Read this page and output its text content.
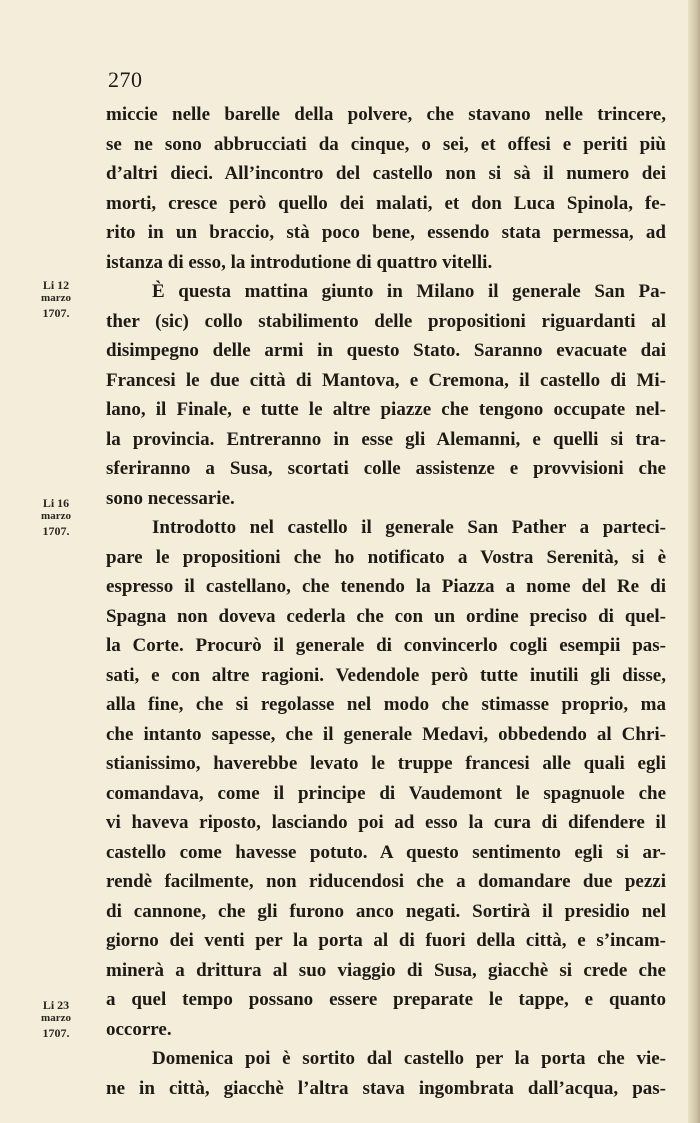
270
Li 12
marzo
1707.
Li 16
marzo
1707.
Li 23
marzo
1707.
miccie nelle barelle della polvere, che stavano nelle trincere,
se ne sono abbrucciati da cinque, o sei, et offesi e periti più
d’altri dieci. All’incontro del castello non si sà il numero dei
morti, cresce però quello dei malati, et don Luca Spinola, fe-
rito in un braccio, stà poco bene, essendo stata permessa, ad
istanza di esso, la introdutione di quattro vitelli.
È questa mattina giunto in Milano il generale San Pa-
ther (sic) collo stabilimento delle propositioni riguardanti al
disimpegno delle armi in questo Stato. Saranno evacuate dai
Francesi le due città di Mantova, e Cremona, il castello di Mi-
lano, il Finale, e tutte le altre piazze che tengono occupate nel-
la provincia. Entreranno in esse gli Alemanni, e quelli si tra-
sferiranno a Susa, scortati colle assistenze e provvisioni che
sono necessarie.
Introdotto nel castello il generale San Pather a parteci-
pare le propositioni che ho notificato a Vostra Serenità, si è
espresso il castellano, che tenendo la Piazza a nome del Re di
Spagna non doveva cederla che con un ordine preciso di quel-
la Corte. Procurò il generale di convincerlo cogli esempii pas-
sati, e con altre ragioni. Vedendole però tutte inutili gli disse,
alla fine, che si regolasse nel modo che stimasse proprio, ma
che intanto sapesse, che il generale Medavi, obbedendo al Chri-
stianissimo, haverebbe levato le truppe francesi alle quali egli
comandava, come il principe di Vaudemont le spagnuole che
vi haveva riposto, lasciando poi ad esso la cura di difendere il
castello come havesse potuto. A questo sentimento egli si ar-
rendè facilmente, non riducendosi che a domandare due pezzi
di cannone, che gli furono anco negati. Sortirà il presidio nel
giorno dei venti per la porta al di fuori della città, e s’incam-
minerà a drittura al suo viaggio di Susa, giacchè si crede che
a quel tempo possano essere preparate le tappe, e quanto
occorre.
Domenica poi è sortito dal castello per la porta che vie-
ne in città, giacchè l’altra stava ingombrata dall’acqua, pas-
